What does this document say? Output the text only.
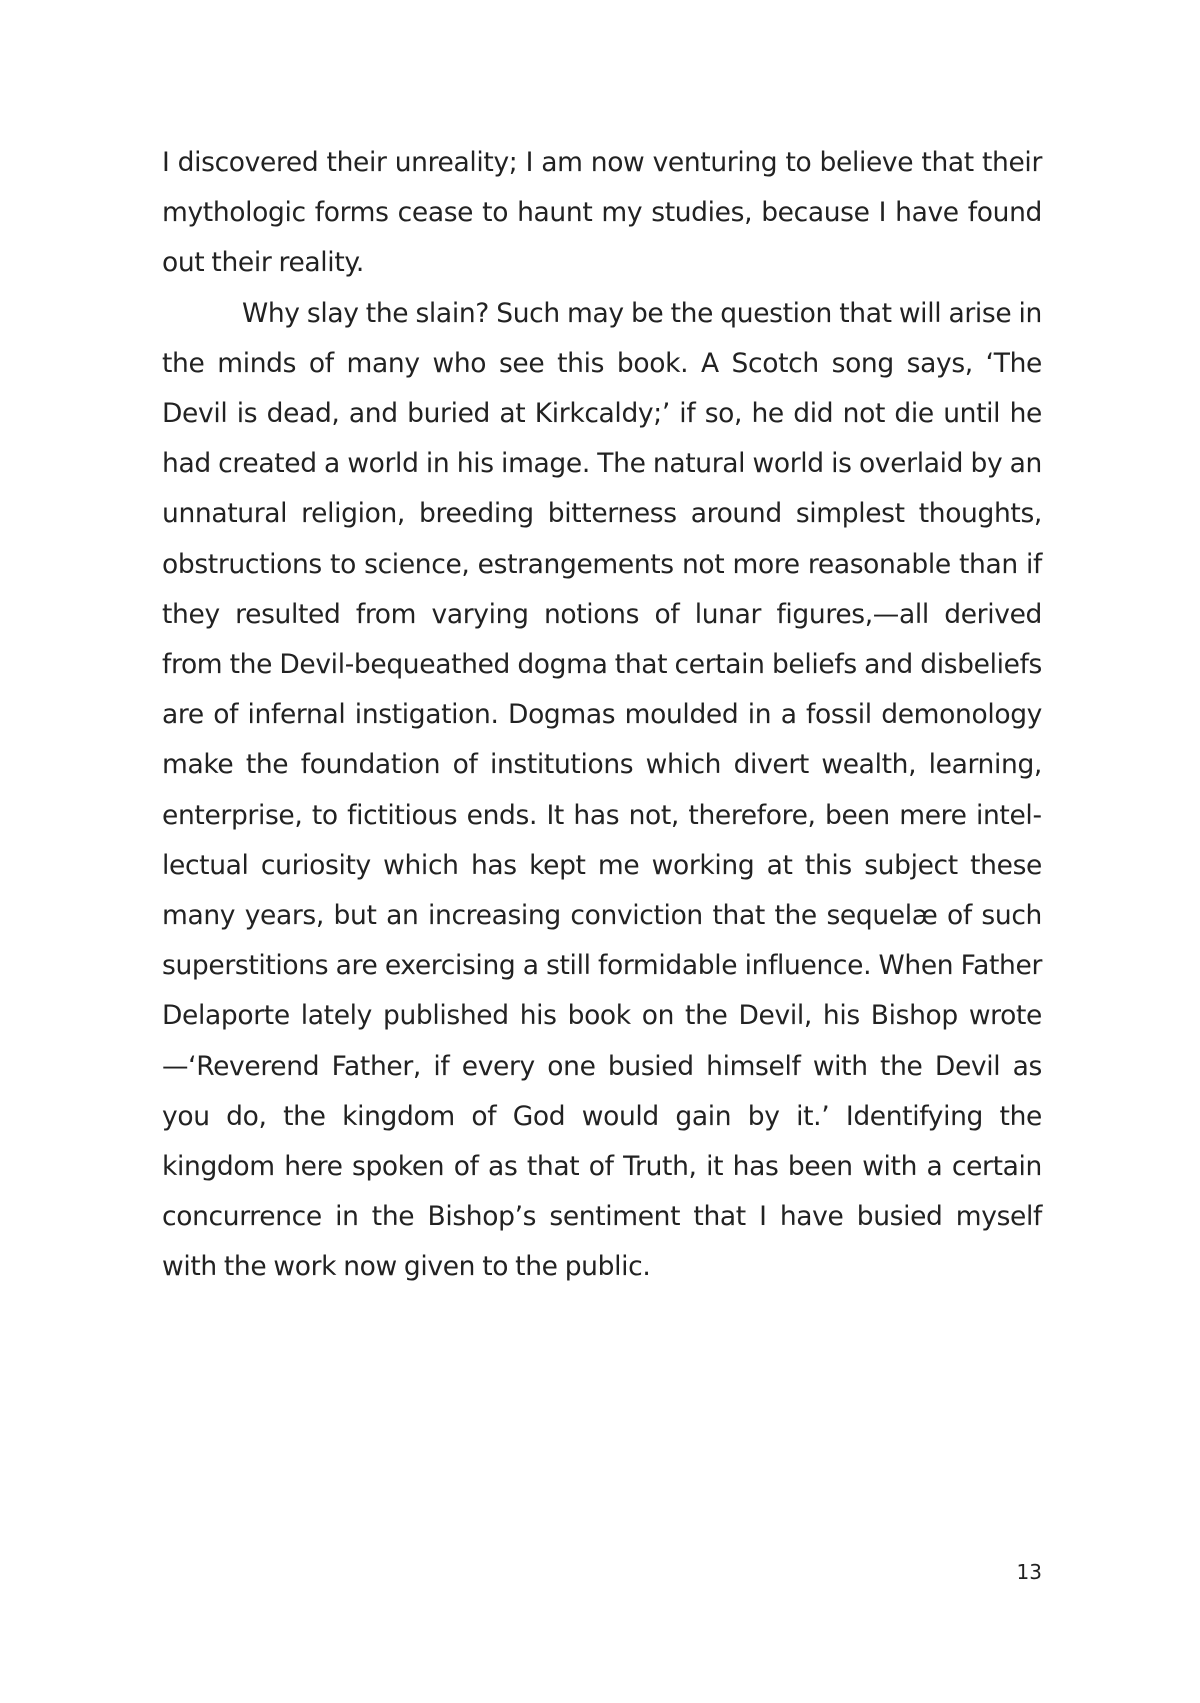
I discovered their unreality; I am now venturing to believe that their mythologic forms cease to haunt my studies, because I have found out their reality.

Why slay the slain? Such may be the question that will arise in the minds of many who see this book. A Scotch song says, ‘The Devil is dead, and buried at Kirkcaldy;’ if so, he did not die until he had created a world in his image. The natural world is overlaid by an unnatural religion, breeding bitterness around simplest thoughts, obstructions to science, estrangements not more reasonable than if they resulted from varying notions of lunar figures,—all derived from the Devil-bequeathed dogma that certain beliefs and disbeliefs are of infernal instigation. Dogmas moulded in a fossil demonology make the foundation of institutions which divert wealth, learning, enterprise, to fictitious ends. It has not, therefore, been mere intellectual curiosity which has kept me working at this subject these many years, but an increasing conviction that the sequelæ of such superstitions are exercising a still formidable influence. When Father Delaporte lately published his book on the Devil, his Bishop wrote—‘Reverend Father, if every one busied himself with the Devil as you do, the kingdom of God would gain by it.’ Identifying the kingdom here spoken of as that of Truth, it has been with a certain concurrence in the Bishop’s sentiment that I have busied myself with the work now given to the public.

13
